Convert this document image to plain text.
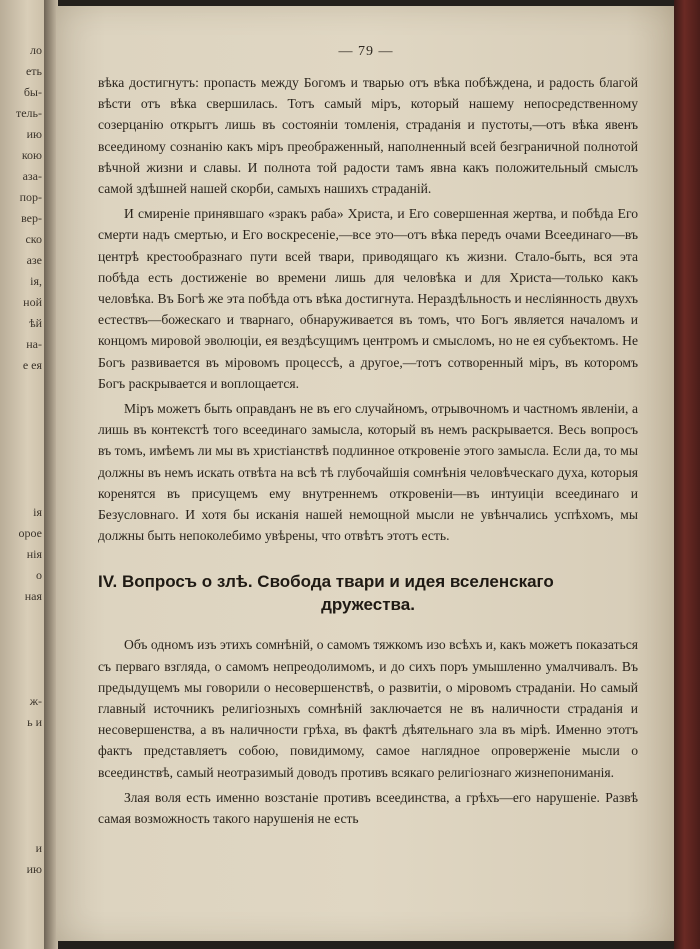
ло
еть
бы-
тель-
ию
кою
аза-
пор-
вер-
ско
азе
ія,
ной
ѣй
на-
е ея

ія
орое
нія
о
ная

ж-
ь и

и
ию
— 79 —

вѣка достигнутъ: пропасть между Богомъ и тварью отъ вѣка побѣждена, и радость благой вѣсти отъ вѣка свершилась. Тотъ самый міръ, который нашему непосредственному созерцанію открытъ лишь въ состояніи томленія, страданія и пустоты,—отъ вѣка явенъ всеединому сознанію какъ міръ преображенный, наполненный всей безграничной полнотой вѣчной жизни и славы. И полнота той радости тамъ явна какъ положительный смыслъ самой здѣшней нашей скорби, самыхъ нашихъ страданій.

И смиреніе принявшаго «зракъ раба» Христа, и Его совершенная жертва, и побѣда Его смерти надъ смертью, и Его воскресеніе,—все этo—отъ вѣка передъ очами Всеединаго—въ центрѣ крестообразнаго пути всей твари, приводящаго къ жизни. Стало-быть, вся эта побѣда есть достиженіе во времени лишь для человѣка и для Христа—только какъ человѣка. Въ Богѣ же эта побѣда отъ вѣка достигнута. Нераздѣльность и неслiянность двухъ естествъ—божескаго и тварнаго, обнаруживается въ томъ, что Богъ является началомъ и концомъ мировой эволюціи, ея вездѣсущимъ центромъ и смысломъ, но не ея субъектомъ. Не Богъ развивается въ мiровомъ процессѣ, а другое,—тотъ сотворенный міръ, въ которомъ Богъ раскрывается и воплощается.

Міръ можетъ быть оправданъ не въ его случайномъ, отрывочномъ и частномъ явленіи, а лишь въ контекстѣ того всеединаго замысла, который въ немъ раскрывается. Весь вопросъ въ томъ, имѣемъ ли мы въ христіанствѣ подлинное откровеніе этого замысла. Если да, то мы должны въ немъ искать отвѣта на всѣ тѣ глубочайшія сомнѣнія человѣческаго духа, которыя коренятся въ присущемъ ему внутреннемъ откровеніи—въ интуиціи всеединаго и Безусловнаго. И хотя бы исканія нашей немощной мысли не увѣнчались успѣхомъ, мы должны быть непоколебимо увѣрены, что отвѣтъ этотъ есть.

IV. Вопросъ о злѣ. Свобода твари и идея вселенскаго
дружества.

Объ одномъ изъ этихъ сомнѣній, о самомъ тяжкомъ изо всѣхъ и, какъ можетъ показаться съ перваго взгляда, о самомъ непреодолимомъ, и до сихъ поръ умышленно умалчивалъ. Въ предыдущемъ мы говорили о несовершенствѣ, о развитіи, о міровомъ страданіи. Но самый главный источникъ религіозныхъ сомнѣній заключается не въ наличности страданія и несовершенства, а въ наличности грѣха, въ фактѣ дѣятельнаго зла въ мірѣ. Именно этотъ фактъ представляетъ собою, повидимому, самое наглядное опроверженіе мысли о всеединствѣ, самый неотразимый доводъ противъ всякаго религіознаго жизнепониманія.

Злая воля есть именно возстаніе противъ всеединства, а грѣхъ—его нарушеніе. Развѣ самая возможность такого нарушенія не есть
